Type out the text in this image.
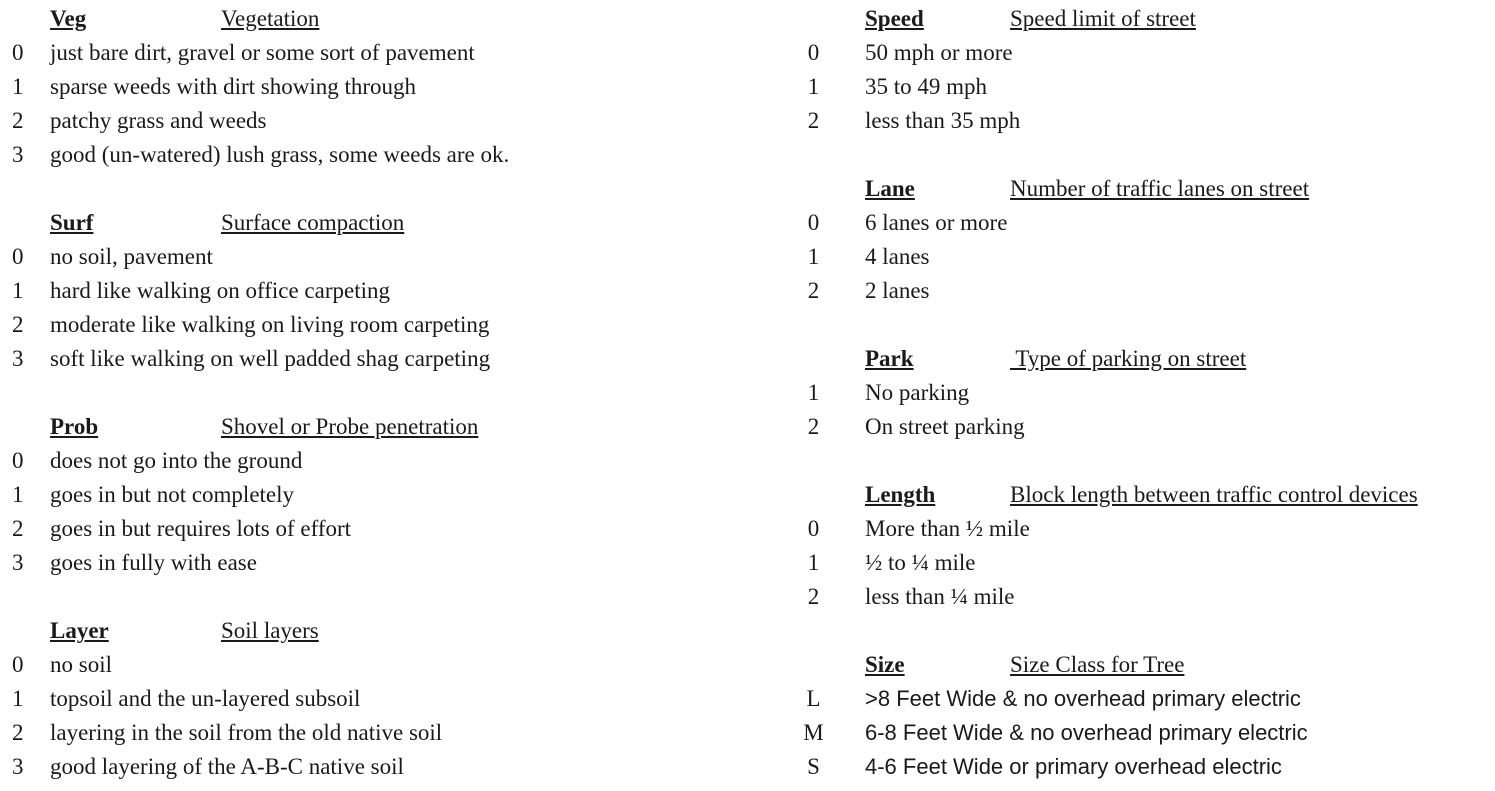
Veg	Vegetation
0	just bare dirt, gravel or some sort of pavement
1	sparse weeds with dirt showing through
2	patchy grass and weeds
3	good (un-watered) lush grass, some weeds are ok.
Surf	Surface compaction
0	no soil, pavement
1	hard like walking on office carpeting
2	moderate like walking on living room carpeting
3	soft like walking on well padded shag carpeting
Prob	Shovel or Probe penetration
0	does not go into the ground
1	goes in but not completely
2	goes in but requires lots of effort
3	goes in fully with ease
Layer	Soil layers
0	no soil
1	topsoil and the un-layered subsoil
2	layering in the soil from the old native soil
3	good layering of the A-B-C native soil
Speed	Speed limit of street
0	50 mph or more
1	35 to 49 mph
2	less than 35 mph
Lane	Number of traffic lanes on street
0	6 lanes or more
1	4 lanes
2	2 lanes
Park	Type of parking on street
1	No parking
2	On street parking
Length	Block length between traffic control devices
0	More than ½ mile
1	½ to ¼ mile
2	less than ¼ mile
Size	Size Class for Tree
L	>8 Feet Wide & no overhead primary electric
M	6-8 Feet Wide & no overhead primary electric
S	4-6 Feet Wide or primary overhead electric
